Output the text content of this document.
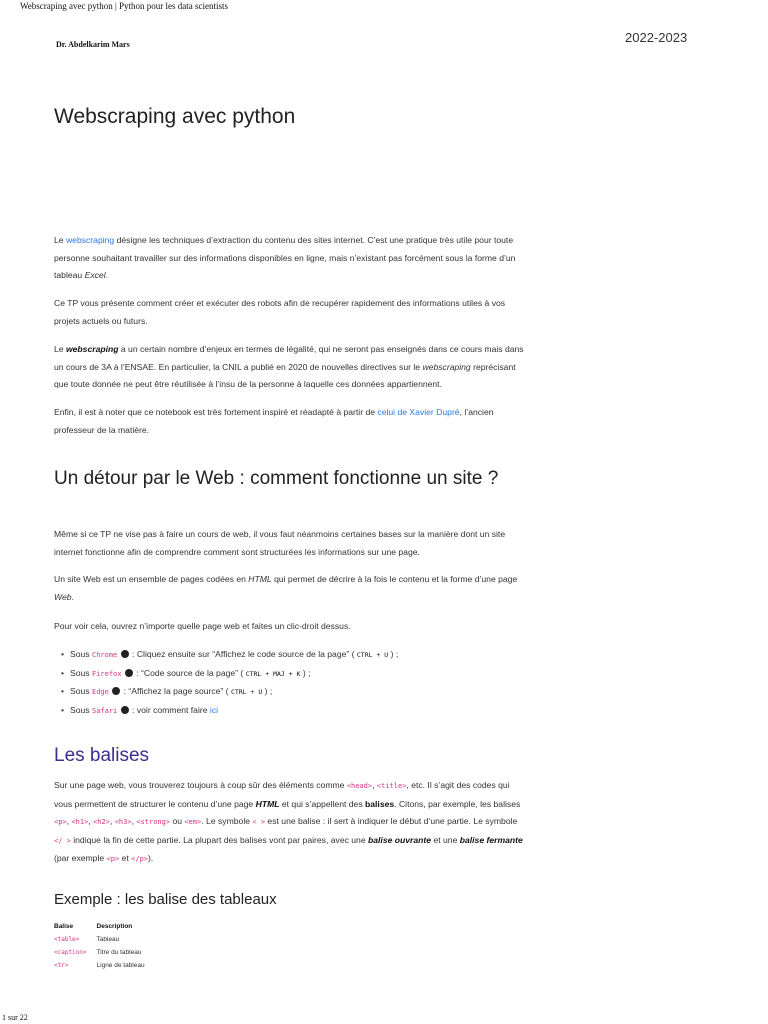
Webscraping avec python | Python pour les data scientists
Dr. Abdelkarim Mars	2022-2023
Webscraping avec python

Le webscraping désigne les techniques d’extraction du contenu des sites internet. C’est une pratique très utile pour toute personne souhaitant travailler sur des informations disponibles en ligne, mais n’existant pas forcément sous la forme d’un tableau Excel.

Ce TP vous présente comment créer et exécuter des robots afin de recupérer rapidement des informations utiles à vos projets actuels ou futurs.

Le webscraping a un certain nombre d’enjeux en termes de légalité, qui ne seront pas enseignés dans ce cours mais dans un cours de 3A à l’ENSAE. En particulier, la CNIL a publié en 2020 de nouvelles directives sur le webscraping reprécisant que toute donnée ne peut être réutilisée à l’insu de la personne à laquelle ces données appartiennent.

Enfin, il est à noter que ce notebook est très fortement inspiré et réadapté à partir de celui de Xavier Dupré, l’ancien professeur de la matière.

Un détour par le Web : comment fonctionne un site ?

Même si ce TP ne vise pas à faire un cours de web, il vous faut néanmoins certaines bases sur la manière dont un site internet fonctionne afin de comprendre comment sont structurées les informations sur une page.

Un site Web est un ensemble de pages codées en HTML qui permet de décrire à la fois le contenu et la forme d’une page Web.

Pour voir cela, ouvrez n’importe quelle page web et faites un clic-droit dessus.

• Sous Chrome  : Cliquez ensuite sur “Affichez le code source de la page” ( CTRL + U ) ;
• Sous Firefox  : “Code source de la page” ( CTRL + MAJ + K ) ;
• Sous Edge  : “Affichez la page source” ( CTRL + U ) ;
• Sous Safari  : voir comment faire ici
Les balises

Sur une page web, vous trouverez toujours à coup sûr des éléments comme <head>, <title>, etc. Il s’agit des codes qui vous permettent de structurer le contenu d’une page HTML et qui s’appellent des balises. Citons, par exemple, les balises <p>, <h1>, <h2>, <h3>, <strong> ou <em>. Le symbole < > est une balise : il sert à indiquer le début d’une partie. Le symbole </ > indique la fin de cette partie. La plupart des balises vont par paires, avec une balise ouvrante et une balise fermante (par exemple <p> et </p>).

Exemple : les balise des tableaux
Balise	Description
<table>	Tableau
<caption>	Titre du tableau
<tr>	Ligne de tableau
1 sur 22
